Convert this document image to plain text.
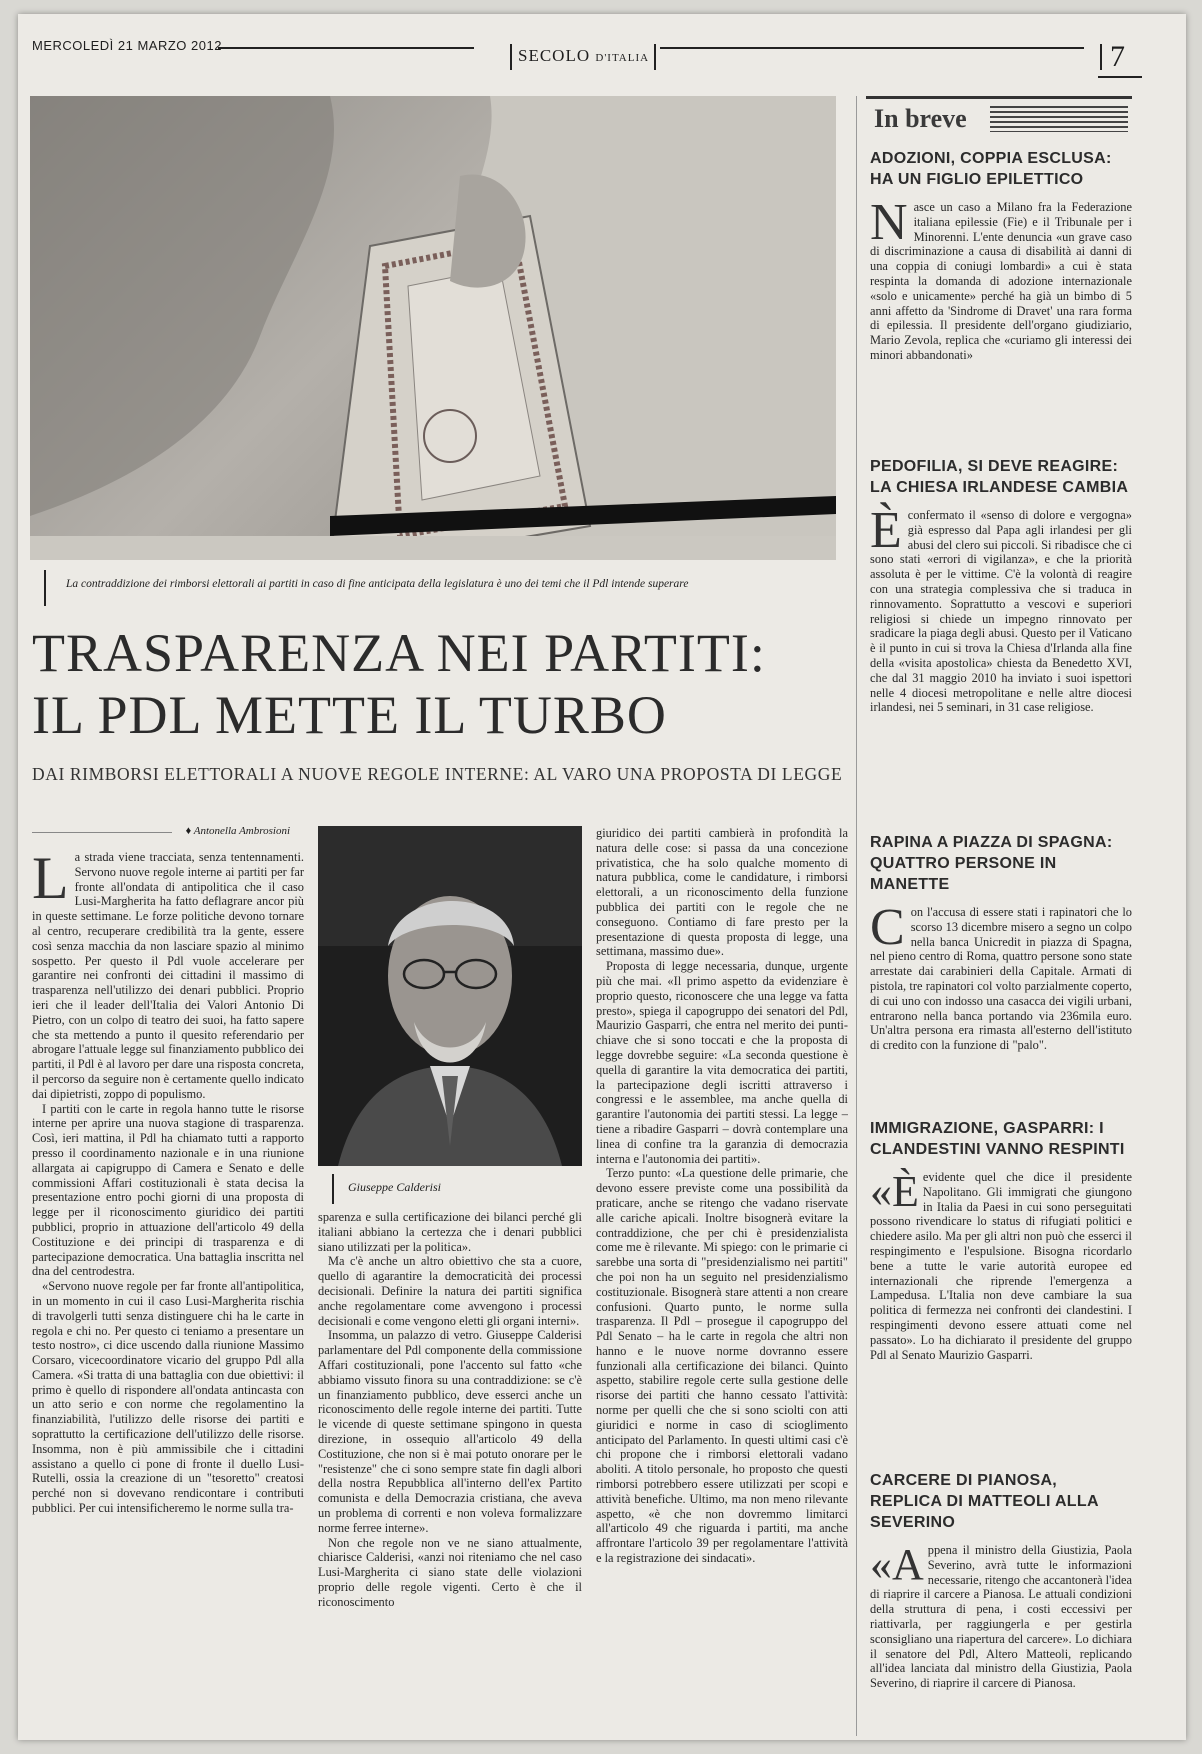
MERCOLEDÌ 21 MARZO 2012
SECOLO D'ITALIA	7
La contraddizione dei rimborsi elettorali ai partiti in caso di fine anticipata della legislatura è uno dei temi che il Pdl intende superare
TRASPARENZA NEI PARTITI:
IL PDL METTE IL TURBO
DAI RIMBORSI ELETTORALI A NUOVE REGOLE INTERNE: AL VARO UNA PROPOSTA DI LEGGE
♦ Antonella Ambrosioni

La strada viene tracciata, senza tentennamenti. Servono nuove regole interne ai partiti per far fronte all'ondata di antipolitica che il caso Lusi-Margherita ha fatto deflagrare ancor più in queste settimane. Le forze politiche devono tornare al centro, recuperare credibilità tra la gente, essere così senza macchia da non lasciare spazio al minimo sospetto. Per questo il Pdl vuole accelerare per garantire nei confronti dei cittadini il massimo di trasparenza nell'utilizzo dei denari pubblici. Proprio ieri che il leader dell'Italia dei Valori Antonio Di Pietro, con un colpo di teatro dei suoi, ha fatto sapere che sta mettendo a punto il quesito referendario per abrogare l'attuale legge sul finanziamento pubblico dei partiti, il Pdl è al lavoro per dare una risposta concreta, il percorso da seguire non è certamente quello indicato dai dipietristi, zoppo di populismo.

I partiti con le carte in regola hanno tutte le risorse interne per aprire una nuova stagione di trasparenza. Così, ieri mattina, il Pdl ha chiamato tutti a rapporto presso il coordinamento nazionale e in una riunione allargata ai capigruppo di Camera e Senato e delle commissioni Affari costituzionali è stata decisa la presentazione entro pochi giorni di una proposta di legge per il riconoscimento giuridico dei partiti pubblici, proprio in attuazione dell'articolo 49 della Costituzione e dei principi di trasparenza e di partecipazione democratica. Una battaglia inscritta nel dna del centrodestra.

«Servono nuove regole per far fronte all'antipolitica, in un momento in cui il caso Lusi-Margherita rischia di travolgerli tutti senza distinguere chi ha le carte in regola e chi no. Per questo ci teniamo a presentare un testo nostro», ci dice uscendo dalla riunione Massimo Corsaro, vicecoordinatore vicario del gruppo Pdl alla Camera. «Si tratta di una battaglia con due obiettivi: il primo è quello di rispondere all'ondata antincasta con un atto serio e con norme che regolamentino la finanziabilità, l'utilizzo delle risorse dei partiti e soprattutto la certificazione dell'utilizzo delle risorse. Insomma, non è più ammissibile che i cittadini assistano a quello ci pone di fronte il duello Lusi-Rutelli, ossia la creazione di un "tesoretto" creatosi perché non si dovevano rendicontare i contributi pubblici. Per cui intensificheremo le norme sulla tra-

Giuseppe Calderisi

sparenza e sulla certificazione dei bilanci perché gli italiani abbiano la certezza che i denari pubblici siano utilizzati per la politica».

Ma c'è anche un altro obiettivo che sta a cuore, quello di agarantire la democraticità dei processi decisionali. Definire la natura dei partiti significa anche regolamentare come avvengono i processi decisionali e come vengono eletti gli organi interni».

Insomma, un palazzo di vetro. Giuseppe Calderisi parlamentare del Pdl componente della commissione Affari costituzionali, pone l'accento sul fatto «che abbiamo vissuto finora su una contraddizione: se c'è un finanziamento pubblico, deve esserci anche un riconoscimento delle regole interne dei partiti. Tutte le vicende di queste settimane spingono in questa direzione, in ossequio all'articolo 49 della Costituzione, che non si è mai potuto onorare per le "resistenze" che ci sono sempre state fin dagli albori della nostra Repubblica all'interno dell'ex Partito comunista e della Democrazia cristiana, che aveva un problema di correnti e non voleva formalizzare norme ferree interne».

Non che regole non ve ne siano attualmente, chiarisce Calderisi, «anzi noi riteniamo che nel caso Lusi-Margherita ci siano state delle violazioni proprio delle regole vigenti. Certo è che il riconoscimento

giuridico dei partiti cambierà in profondità la natura delle cose: si passa da una concezione privatistica, che ha solo qualche momento di natura pubblica, come le candidature, i rimborsi elettorali, a un riconoscimento della funzione pubblica dei partiti con le regole che ne conseguono. Contiamo di fare presto per la presentazione di questa proposta di legge, una settimana, massimo due».

Proposta di legge necessaria, dunque, urgente più che mai. «Il primo aspetto da evidenziare è proprio questo, riconoscere che una legge va fatta presto», spiega il capogruppo dei senatori del Pdl, Maurizio Gasparri, che entra nel merito dei punti-chiave che si sono toccati e che la proposta di legge dovrebbe seguire: «La seconda questione è quella di garantire la vita democratica dei partiti, la partecipazione degli iscritti attraverso i congressi e le assemblee, ma anche quella di garantire l'autonomia dei partiti stessi. La legge – tiene a ribadire Gasparri – dovrà contemplare una linea di confine tra la garanzia di democrazia interna e l'autonomia dei partiti».

Terzo punto: «La questione delle primarie, che devono essere previste come una possibilità da praticare, anche se ritengo che vadano riservate alle cariche apicali. Inoltre bisognerà evitare la contraddizione, che per chi è presidenzialista come me è rilevante. Mi spiego: con le primarie ci sarebbe una sorta di "presidenzialismo nei partiti" che poi non ha un seguito nel presidenzialismo costituzionale. Bisognerà stare attenti a non creare confusioni. Quarto punto, le norme sulla trasparenza. Il Pdl – prosegue il capogruppo del Pdl Senato – ha le carte in regola che altri non hanno e le nuove norme dovranno essere funzionali alla certificazione dei bilanci. Quinto aspetto, stabilire regole certe sulla gestione delle risorse dei partiti che hanno cessato l'attività: norme per quelli che che si sono sciolti con atti giuridici e norme in caso di scioglimento anticipato del Parlamento. In questi ultimi casi c'è chi propone che i rimborsi elettorali vadano aboliti. A titolo personale, ho proposto che questi rimborsi potrebbero essere utilizzati per scopi e attività benefiche. Ultimo, ma non meno rilevante aspetto, «è che non dovremmo limitarci all'articolo 49 che riguarda i partiti, ma anche affrontare l'articolo 39 per regolamentare l'attività e la registrazione dei sindacati».

In breve
ADOZIONI, COPPIA ESCLUSA: HA UN FIGLIO EPILETTICO
Nasce un caso a Milano fra la Federazione italiana epilessie (Fie) e il Tribunale per i Minorenni. L'ente denuncia «un grave caso di discriminazione a causa di disabilità ai danni di una coppia di coniugi lombardi» a cui è stata respinta la domanda di adozione internazionale «solo e unicamente» perché ha già un bimbo di 5 anni affetto da 'Sindrome di Dravet' una rara forma di epilessia. Il presidente dell'organo giudiziario, Mario Zevola, replica che «curiamo gli interessi dei minori abbandonati»
PEDOFILIA, SI DEVE REAGIRE: LA CHIESA IRLANDESE CAMBIA
Èconfermato il «senso di dolore e vergogna» già espresso dal Papa agli irlandesi per gli abusi del clero sui piccoli. Si ribadisce che ci sono stati «errori di vigilanza», e che la priorità assoluta è per le vittime. C'è la volontà di reagire con una strategia complessiva che si traduca in rinnovamento. Soprattutto a vescovi e superiori religiosi si chiede un impegno rinnovato per sradicare la piaga degli abusi. Questo per il Vaticano è il punto in cui si trova la Chiesa d'Irlanda alla fine della «visita apostolica» chiesta da Benedetto XVI, che dal 31 maggio 2010 ha inviato i suoi ispettori nelle 4 diocesi metropolitane e nelle altre diocesi irlandesi, nei 5 seminari, in 31 case religiose.
RAPINA A PIAZZA DI SPAGNA: QUATTRO PERSONE IN MANETTE
Con l'accusa di essere stati i rapinatori che lo scorso 13 dicembre misero a segno un colpo nella banca Unicredit in piazza di Spagna, nel pieno centro di Roma, quattro persone sono state arrestate dai carabinieri della Capitale. Armati di pistola, tre rapinatori col volto parzialmente coperto, di cui uno con indosso una casacca dei vigili urbani, entrarono nella banca portando via 236mila euro. Un'altra persona era rimasta all'esterno dell'istituto di credito con la funzione di "palo".
IMMIGRAZIONE, GASPARRI: I CLANDESTINI VANNO RESPINTI
«Èevidente quel che dice il presidente Napolitano. Gli immigrati che giungono in Italia da Paesi in cui sono perseguitati possono rivendicare lo status di rifugiati politici e chiedere asilo. Ma per gli altri non può che esserci il respingimento e l'espulsione. Bisogna ricordarlo bene a tutte le varie autorità europee ed internazionali che riprende l'emergenza a Lampedusa. L'Italia non deve cambiare la sua politica di fermezza nei confronti dei clandestini. I respingimenti devono essere attuati come nel passato». Lo ha dichiarato il presidente del gruppo Pdl al Senato Maurizio Gasparri.
CARCERE DI PIANOSA, REPLICA DI MATTEOLI ALLA SEVERINO
«Appena il ministro della Giustizia, Paola Severino, avrà tutte le informazioni necessarie, ritengo che accantonerà l'idea di riaprire il carcere a Pianosa. Le attuali condizioni della struttura di pena, i costi eccessivi per riattivarla, per raggiungerla e per gestirla sconsigliano una riapertura del carcere». Lo dichiara il senatore del Pdl, Altero Matteoli, replicando all'idea lanciata dal ministro della Giustizia, Paola Severino, di riaprire il carcere di Pianosa.
